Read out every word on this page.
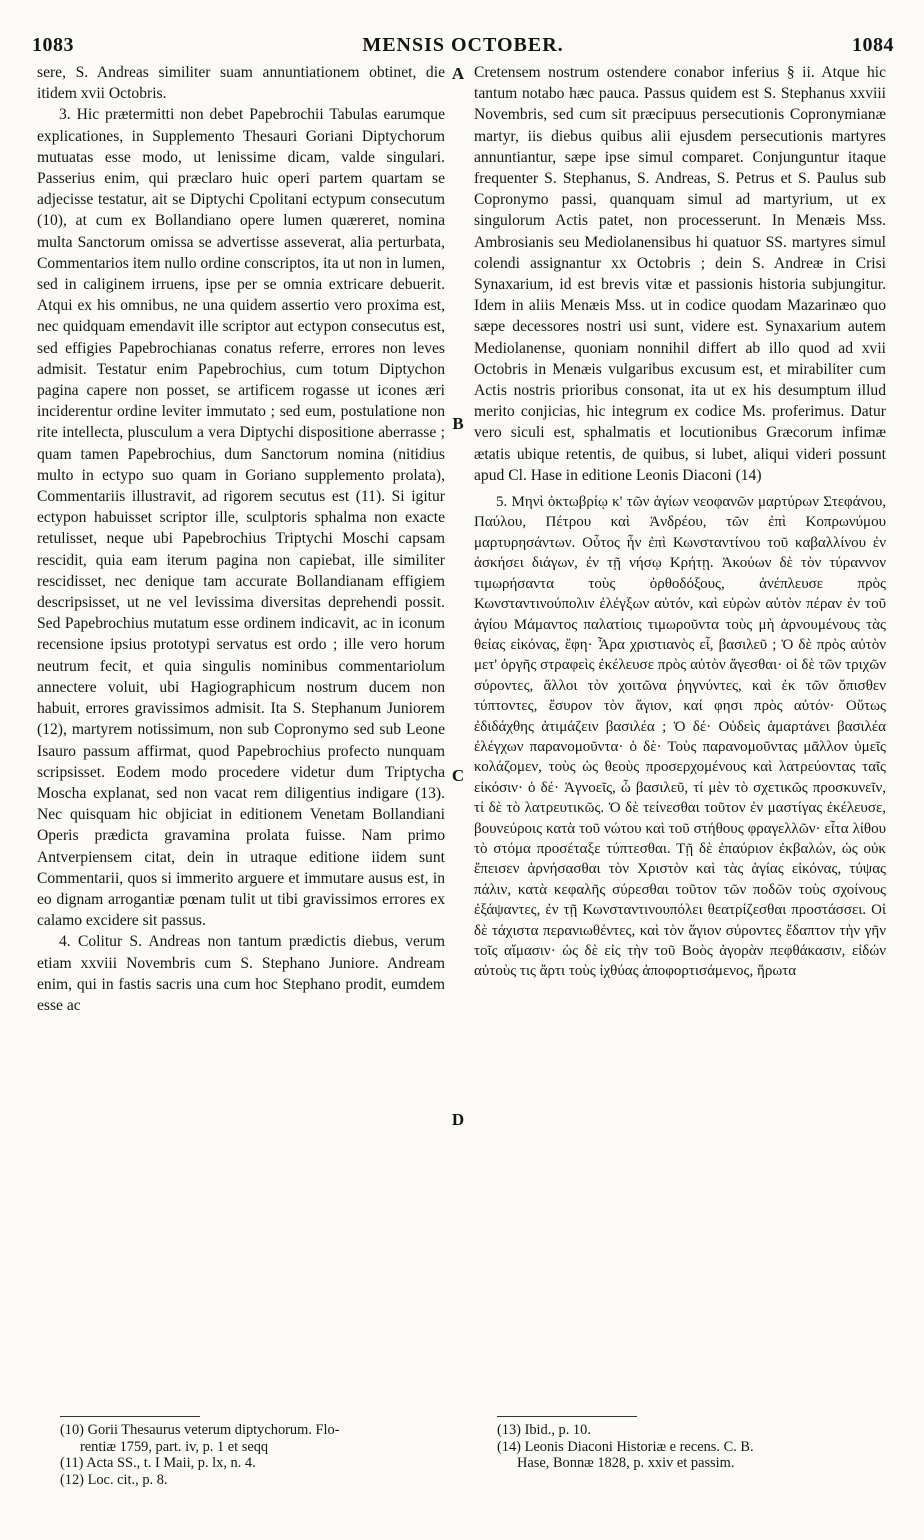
1083	MENSIS OCTOBER.	1084

sere, S. Andreas similiter suam annuntiationem obtinet, die itidem xvii Octobris.

3. Hic prætermitti non debet Papebrochii Tabulas earumque explicationes, in Supplemento Thesauri Goriani Diptychorum mutuatas esse modo, ut lenissime dicam, valde singulari. Passerius enim, qui præclaro huic operi partem quartam se adjecisse testatur, ait se Diptychi Cpolitani ectypum consecutum (10), at cum ex Bollandiano opere lumen quæreret, nomina multa Sanctorum omissa se advertisse asseverat, alia perturbata, Commentarios item nullo ordine conscriptos, ita ut non in lumen, sed in caliginem irruens, ipse per se omnia extricare debuerit. Atqui ex his omnibus, ne una quidem assertio vero proxima est, nec quidquam emendavit ille scriptor aut ectypon consecutus est, sed effigies Papebrochianas conatus referre, errores non leves admisit. Testatur enim Papebrochius, cum totum Diptychon pagina capere non posset, se artificem rogasse ut icones æri inciderentur ordine leviter immutato ; sed eum, postulatione non rite intellecta, plusculum a vera Diptychi dispositione aberrasse ; quam tamen Papebrochius, dum Sanctorum nomina (nitidius multo in ectypo suo quam in Goriano supplemento prolata), Commentariis illustravit, ad rigorem secutus est (11). Si igitur ectypon habuisset scriptor ille, sculptoris sphalma non exacte retulisset, neque ubi Papebrochius Triptychi Moschi capsam rescidit, quia eam iterum pagina non capiebat, ille similiter rescidisset, nec denique tam accurate Bollandianam effigiem descripsisset, ut ne vel levissima diversitas deprehendi possit. Sed Papebrochius mutatum esse ordinem indicavit, ac in iconum recensione ipsius prototypi servatus est ordo ; ille vero horum neutrum fecit, et quia singulis nominibus commentariolum annectere voluit, ubi Hagiographicum nostrum ducem non habuit, errores gravissimos admisit. Ita S. Stephanum Juniorem (12), martyrem notissimum, non sub Copronymo sed sub Leone Isauro passum affirmat, quod Papebrochius profecto nunquam scripsisset. Eodem modo procedere videtur dum Triptycha Moscha explanat, sed non vacat rem diligentius indigare (13). Nec quisquam hic objiciat in editionem Venetam Bollandiani Operis prædicta gravamina prolata fuisse. Nam primo Antverpiensem citat, dein in utraque editione iidem sunt Commentarii, quos si immerito arguere et immutare ausus est, in eo dignam arrogantiæ pœnam tulit ut tibi gravissimos errores ex calamo excidere sit passus.

4. Colitur S. Andreas non tantum prædictis diebus, verum etiam xxviii Novembris cum S. Stephano Juniore. Andream enim, qui in fastis sacris una cum hoc Stephano prodit, eumdem esse ac

A
B
C
D

Cretensem nostrum ostendere conabor inferius § ii. Atque hic tantum notabo hæc pauca. Passus quidem est S. Stephanus xxviii Novembris, sed cum sit præcipuus persecutionis Copronymianæ martyr, iis diebus quibus alii ejusdem persecutionis martyres annuntiantur, sæpe ipse simul comparet. Conjunguntur itaque frequenter S. Stephanus, S. Andreas, S. Petrus et S. Paulus sub Copronymo passi, quanquam simul ad martyrium, ut ex singulorum Actis patet, non processerunt. In Menæis Mss. Ambrosianis seu Mediolanensibus hi quatuor SS. martyres simul colendi assignantur xx Octobris ; dein S. Andreæ in Crisi Synaxarium, id est brevis vitæ et passionis historia subjungitur. Idem in aliis Menæis Mss. ut in codice quodam Mazarinæo quo sæpe decessores nostri usi sunt, videre est. Synaxarium autem Mediolanense, quoniam nonnihil differt ab illo quod ad xvii Octobris in Menæis vulgaribus excusum est, et mirabiliter cum Actis nostris prioribus consonat, ita ut ex his desumptum illud merito conjicias, hic integrum ex codice Ms. proferimus. Datur vero siculi est, sphalmatis et locutionibus Græcorum infimæ ætatis ubique retentis, de quibus, si lubet, aliqui videri possunt apud Cl. Hase in editione Leonis Diaconi (14)

5. Μηνὶ ὀκτωβρίῳ κ' τῶν ἁγίων νεοφανῶν μαρτύρων Στεφάνου, Παύλου, Πέτρου καὶ Ἀνδρέου, τῶν ἐπὶ Κοπρωνύμου μαρτυρησάντων. Οὗτος ἦν ἐπὶ Κωνσταντίνου τοῦ καβαλλίνου ἐν ἀσκήσει διάγων, ἐν τῇ νήσῳ Κρήτῃ. Ἀκούων δὲ τὸν τύραννον τιμωρήσαντα τοὺς ὀρθοδόξους, ἀνέπλευσε πρὸς Κωνσταντινούπολιν ἐλέγξων αὐτόν, καὶ εὑρὼν αὐτὸν πέραν ἐν τοῦ ἁγίου Μάμαντος παλατίοις τιμωροῦντα τοὺς μὴ ἀρνουμένους τὰς θείας εἰκόνας, ἔφη· Ἆρα χριστιανὸς εἶ, βασιλεῦ ; Ὁ δὲ πρὸς αὐτὸν μετ' ὀργῆς στραφεὶς ἐκέλευσε πρὸς αὐτὸν ἄγεσθαι· οἱ δὲ τῶν τριχῶν σύροντες, ἄλλοι τὸν χοιτῶνα ῥηγνύντες, καὶ ἐκ τῶν ὄπισθεν τύπτοντες, ἔσυρον τὸν ἅγιον, καί φησι πρὸς αὐτόν· Οὕτως ἐδιδάχθης ἀτιμάζειν βασιλέα ; Ὁ δέ· Οὐδεὶς ἁμαρτάνει βασιλέα ἐλέγχων παρανομοῦντα· ὁ δὲ· Τοὺς παρανομοῦντας μᾶλλον ὑμεῖς κολάζομεν, τοὺς ὡς θεοὺς προσερχομένους καὶ λατρεύοντας ταῖς εἰκόσιν· ὁ δέ· Ἀγνοεῖς, ὦ βασιλεῦ, τί μὲν τὸ σχετικῶς προσκυνεῖν, τί δὲ τὸ λατρευτικῶς. Ὁ δὲ τείνεσθαι τοῦτον ἐν μαστίγας ἐκέλευσε, βουνεύροις κατὰ τοῦ νώτου καὶ τοῦ στήθους φραγελλῶν· εἶτα λίθου τὸ στόμα προσέταξε τύπτεσθαι. Τῇ δὲ ἐπαύριον ἐκβαλών, ὡς οὐκ ἔπεισεν ἀρνήσασθαι τὸν Χριστὸν καὶ τὰς ἁγίας εἰκόνας, τύψας πάλιν, κατὰ κεφαλῆς σύρεσθαι τοῦτον τῶν ποδῶν τοὺς σχοίνους ἐξάψαντες, ἐν τῇ Κωνσταντινουπόλει θεατρίζεσθαι προστάσσει. Οἱ δὲ τάχιστα περανιωθέντες, καὶ τὸν ἅγιον σύροντες ἔδαπτον τὴν γῆν τοῖς αἵμασιν· ὡς δὲ εἰς τὴν τοῦ Βοὸς ἀγορὰν πεφθάκασιν, εἰδών αὐτοὺς τις ἄρτι τοὺς ἰχθύας ἀποφορτισάμενος, ἥρωτα

(10) Gorii Thesaurus veterum diptychorum. Flo-
rentiæ 1759, part. iv, p. 1 et seqq
(11) Acta SS., t. I Maii, p. lx, n. 4.
(12) Loc. cit., p. 8.
(13) Ibid., p. 10.
(14) Leonis Diaconi Historiæ e recens. C. B.
Hase, Bonnæ 1828, p. xxiv et passim.
